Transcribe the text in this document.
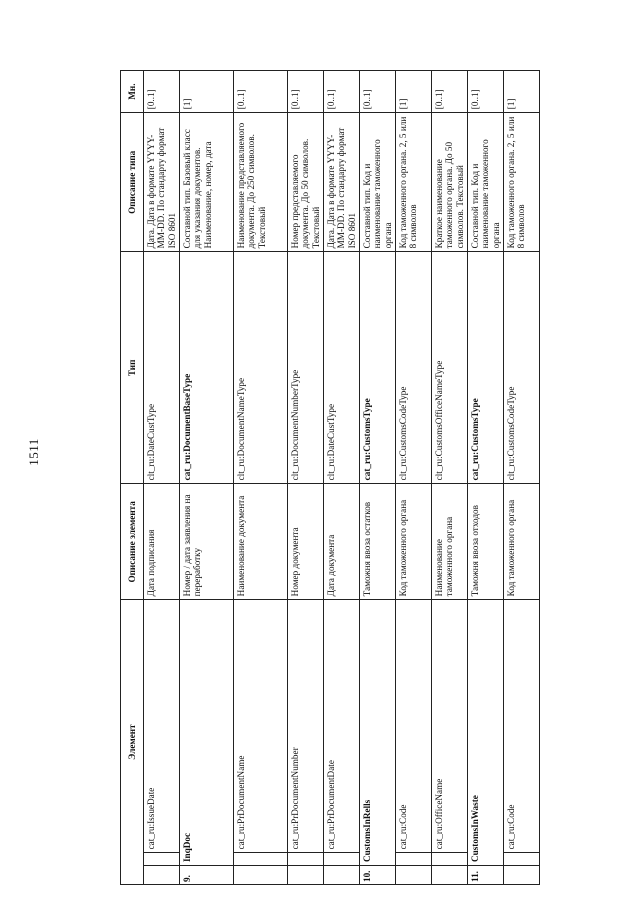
1511
Элемент			Описание элемента	Тип	Описание типа	Мн.
		cat_ru:IssueDate	Дата подписания	clt_ru:DateCustType	Дата. Дата в формате YYYY-MM-DD. По стандарту формат ISO 8601	[0..1]
9.	InqDoc		Номер / дата заявления на переработку	cat_ru:DocumentBaseType	Составной тип. Базовый класс для указания документов. Наименование, номер, дата	[1]
		cat_ru:PrDocumentName	Наименование документа	clt_ru:DocumentNameType	Наименование представляемого документа. До 250 символов. Текстовый	[0..1]
		cat_ru:PrDocumentNumber	Номер документа	clt_ru:DocumentNumberType	Номер представляемого документа. До 50 символов. Текстовый	[0..1]
		cat_ru:PrDocumentDate	Дата документа	clt_ru:DateCustType	Дата. Дата в формате YYYY-MM-DD. По стандарту формат ISO 8601	[0..1]
10.	CustomsInRells		Таможня ввоза остатков	cat_ru:CustomsType	Составной тип. Код и наименование таможенного органа	[0..1]
		cat_ru:Code	Код таможенного органа	clt_ru:CustomsCodeType	Код таможенного органа. 2, 5 или 8 символов	[1]
		cat_ru:OfficeName	Наименование таможенного органа	clt_ru:CustomsOfficeNameType	Краткое наименование таможенного органа. До 50 символов. Текстовый	[0..1]
11.	CustomsInWaste		Таможня ввоза отходов	cat_ru:CustomsType	Составной тип. Код и наименование таможенного органа	[0..1]
		cat_ru:Code	Код таможенного органа	clt_ru:CustomsCodeType	Код таможенного органа. 2, 5 или 8 символов	[1]
